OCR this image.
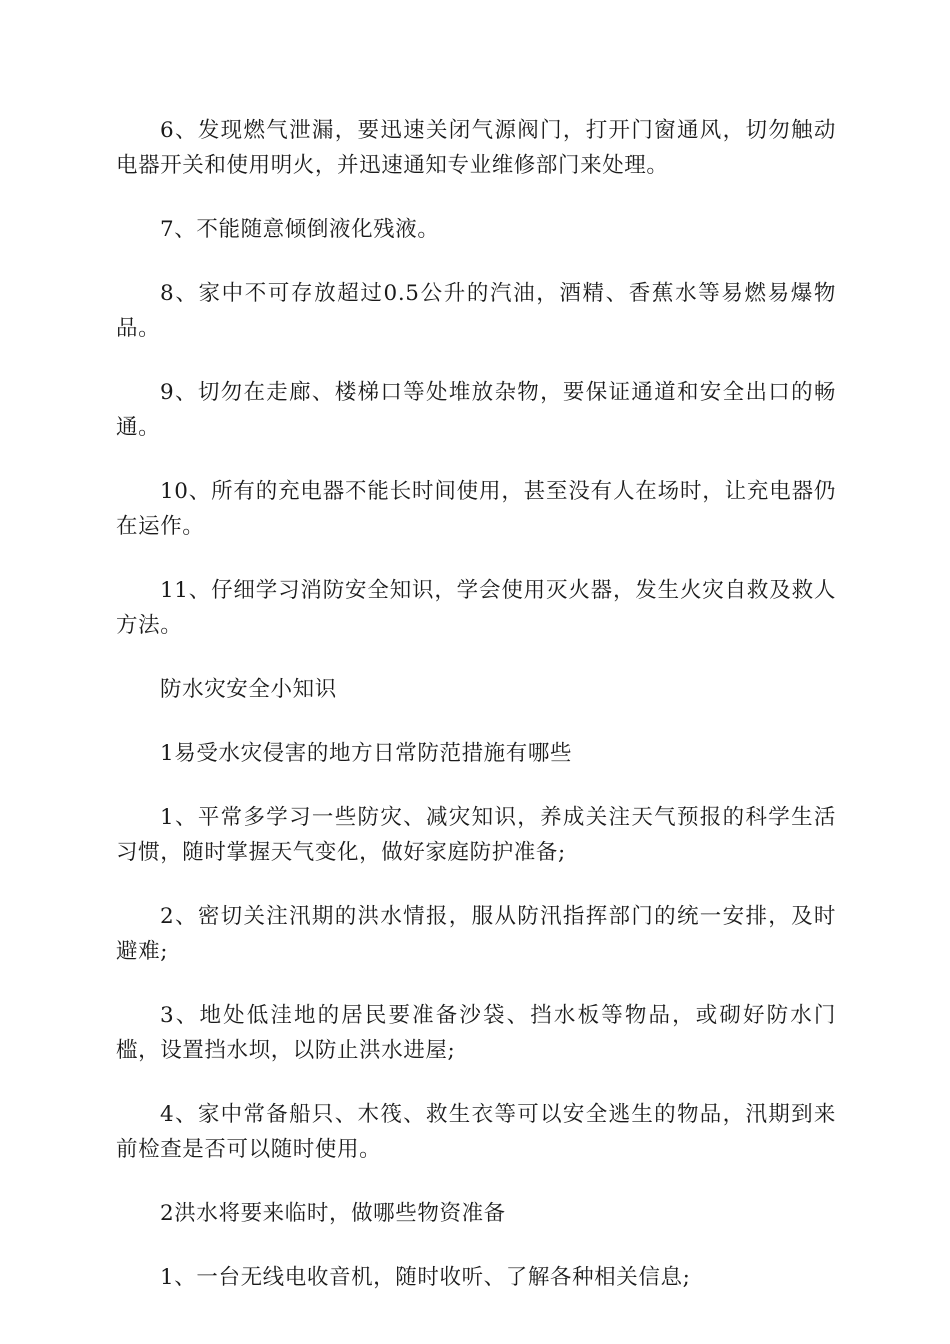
6、发现燃气泄漏，要迅速关闭气源阀门，打开门窗通风，切勿触动电器开关和使用明火，并迅速通知专业维修部门来处理。

7、不能随意倾倒液化残液。

8、家中不可存放超过0.5公升的汽油，酒精、香蕉水等易燃易爆物品。

9、切勿在走廊、楼梯口等处堆放杂物，要保证通道和安全出口的畅通。

10、所有的充电器不能长时间使用，甚至没有人在场时，让充电器仍在运作。

11、仔细学习消防安全知识，学会使用灭火器，发生火灾自救及救人方法。

防水灾安全小知识

1易受水灾侵害的地方日常防范措施有哪些

1、平常多学习一些防灾、减灾知识，养成关注天气预报的科学生活习惯，随时掌握天气变化，做好家庭防护准备;

2、密切关注汛期的洪水情报，服从防汛指挥部门的统一安排，及时避难;

3、地处低洼地的居民要准备沙袋、挡水板等物品，或砌好防水门槛，设置挡水坝，以防止洪水进屋;

4、家中常备船只、木筏、救生衣等可以安全逃生的物品，汛期到来前检查是否可以随时使用。

2洪水将要来临时，做哪些物资准备

1、一台无线电收音机，随时收听、了解各种相关信息;
